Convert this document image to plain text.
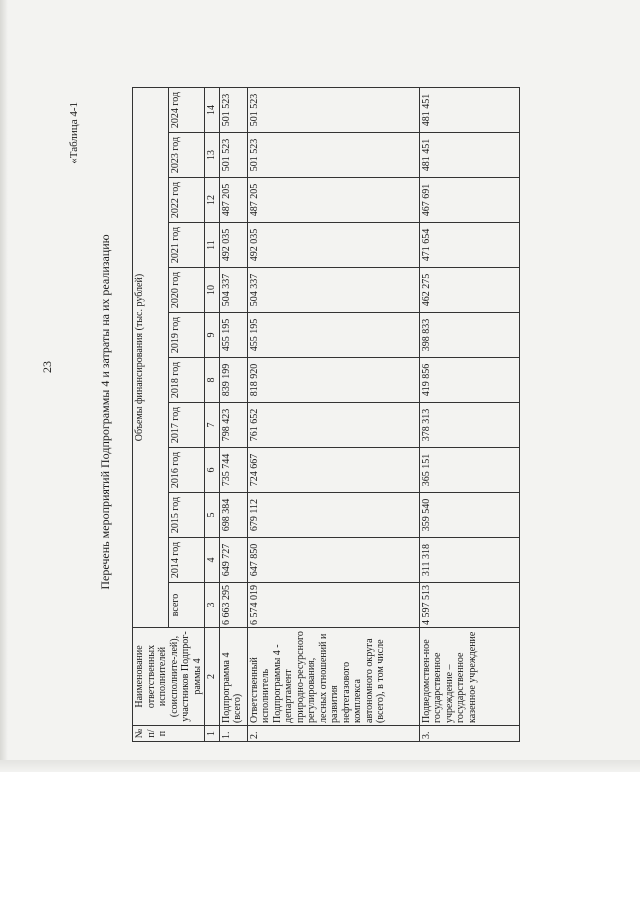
23
«Таблица 4-1
Перечень мероприятий Подпрограммы 4 и затраты на их реализацию
№ п/п	Наименование ответственных исполнителей (соисполните-лей), участников Подпрог-раммы 4	Объемы финансирования (тыс. рублей)											
		всего	2014 год	2015 год	2016 год	2017 год	2018 год	2019 год	2020 год	2021 год	2022 год	2023 год	2024 год
1	2	3	4	5	6	7	8	9	10	11	12	13	14
1.	Подпрограмма 4 (всего)	6 663 295	649 727	698 384	735 744	798 423	839 199	455 195	504 337	492 035	487 205	501 523	501 523
2.	Ответственный исполнитель Подпрограммы 4 - департамент природно-ресурсного регулирования, лесных отношений и развития нефтегазового комплекса автономного округа (всего), в том числе	6 574 019	647 850	679 112	724 667	761 652	818 920	455 195	504 337	492 035	487 205	501 523	501 523
3.	Подведомствен-ное государственное учреждение – государственное казенное учреждение	4 597 513	311 318	359 540	365 151	378 313	419 856	398 833	462 275	471 654	467 691	481 451	481 451
